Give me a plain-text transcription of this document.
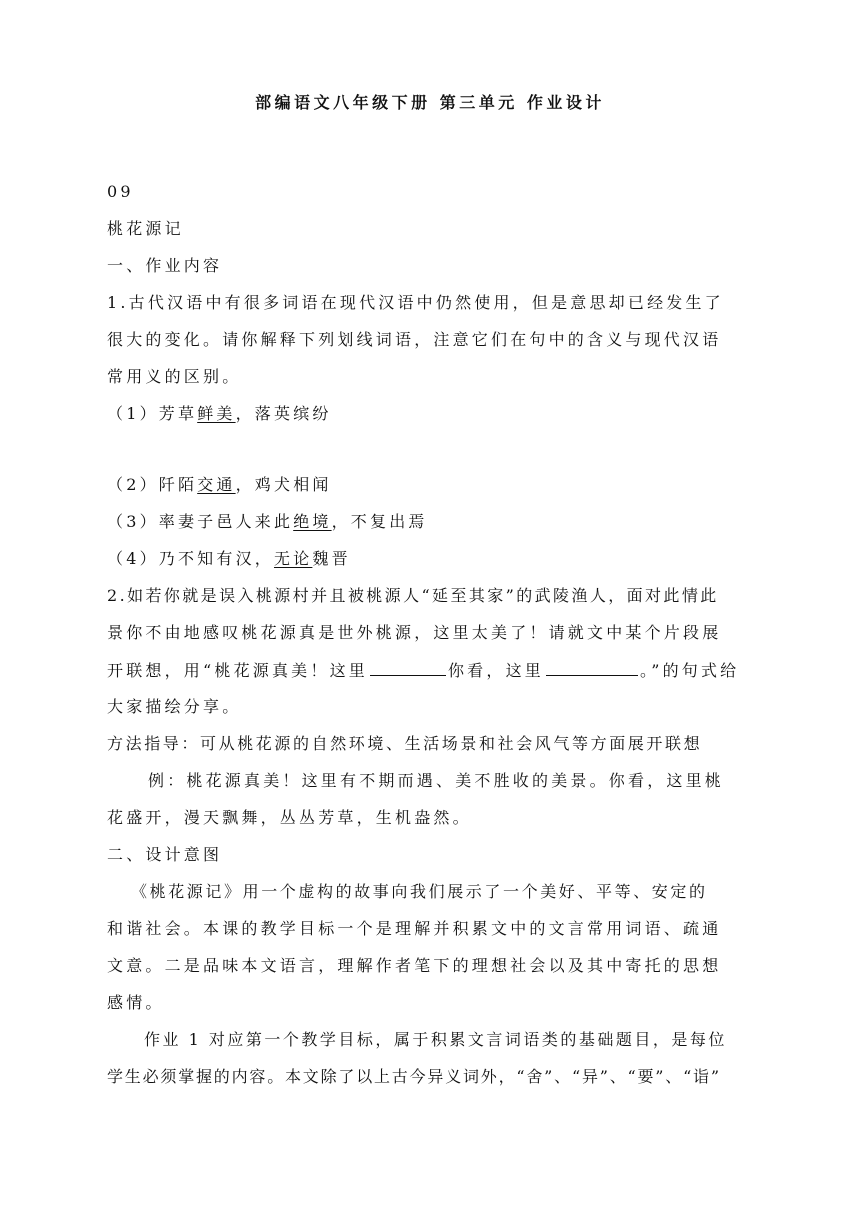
部编语文八年级下册 第三单元 作业设计
09
桃花源记
一、作业内容
1.古代汉语中有很多词语在现代汉语中仍然使用，但是意思却已经发生了
很大的变化。请你解释下列划线词语，注意它们在句中的含义与现代汉语
常用义的区别。
（1）芳草鲜美，落英缤纷
（2）阡陌交通，鸡犬相闻
（3）率妻子邑人来此绝境，不复出焉
（4）乃不知有汉，无论魏晋
2.如若你就是误入桃源村并且被桃源人“延至其家”的武陵渔人，面对此情此
景你不由地感叹桃花源真是世外桃源，这里太美了！请就文中某个片段展
开联想，用“桃花源真美！这里	你看，这里	。”的句式给
大家描绘分享。
方法指导：可从桃花源的自然环境、生活场景和社会风气等方面展开联想
例：桃花源真美！这里有不期而遇、美不胜收的美景。你看，这里桃
花盛开，漫天飘舞，丛丛芳草，生机盎然。
二、设计意图
《桃花源记》用一个虚构的故事向我们展示了一个美好、平等、安定的
和谐社会。本课的教学目标一个是理解并积累文中的文言常用词语、疏通
文意。二是品味本文语言，理解作者笔下的理想社会以及其中寄托的思想
感情。
作业 1 对应第一个教学目标，属于积累文言词语类的基础题目，是每位
学生必须掌握的内容。本文除了以上古今异义词外，“舍”、“异”、“要”、“诣”
